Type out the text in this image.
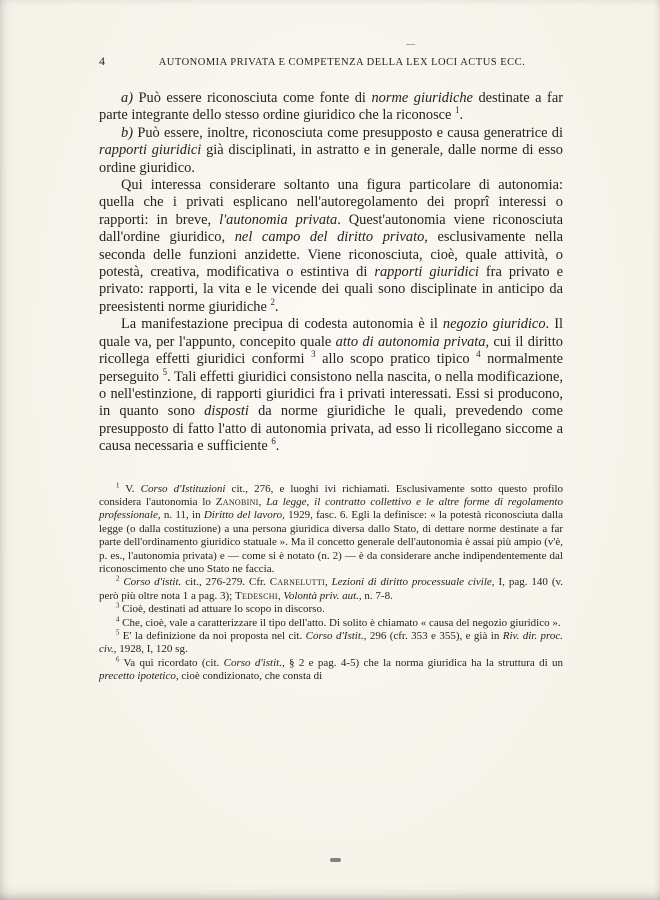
4	AUTONOMIA PRIVATA E COMPETENZA DELLA LEX LOCI ACTUS ECC.

a) Può essere riconosciuta come fonte di norme giuridiche destinate a far parte integrante dello stesso ordine giuridico che la riconosce $^1$.

b) Può essere, inoltre, riconosciuta come presupposto e causa generatrice di rapporti giuridici già disciplinati, in astratto e in generale, dalle norme di esso ordine giuridico.

Qui interessa considerare soltanto una figura particolare di autonomia: quella che i privati esplicano nell'autoregolamento dei proprî interessi o rapporti: in breve, l'autonomia privata. Quest'autonomia viene riconosciuta dall'ordine giuridico, nel campo del diritto privato, esclusivamente nella seconda delle funzioni anzidette. Viene riconosciuta, cioè, quale attività, o potestà, creativa, modificativa o estintiva di rapporti giuridici fra privato e privato: rapporti, la vita e le vicende dei quali sono disciplinate in anticipo da preesistenti norme giuridiche $^2$.

La manifestazione precipua di codesta autonomia è il negozio giuridico. Il quale va, per l'appunto, concepito quale atto di autonomia privata, cui il diritto ricollega effetti giuridici conformi $^3$ allo scopo pratico tipico $^4$ normalmente perseguito $^5$. Tali effetti giuridici consistono nella nascita, o nella modificazione, o nell'estinzione, di rapporti giuridici fra i privati interessati. Essi si producono, in quanto sono disposti da norme giuridiche le quali, prevedendo come presupposto di fatto l'atto di autonomia privata, ad esso li ricollegano siccome a causa necessaria e sufficiente $^6$.

$^1$ V. Corso d'Istituzioni cit., 276, e luoghi ivi richiamati. Esclusivamente sotto questo profilo considera l'autonomia lo Zanobini, La legge, il contratto collettivo e le altre forme di regolamento professionale, n. 11, in Diritto del lavoro, 1929, fasc. 6. Egli la definisce: « la potestà riconosciuta dalla legge (o dalla costituzione) a una persona giuridica diversa dallo Stato, di dettare norme destinate a far parte dell'ordinamento giuridico statuale ». Ma il concetto generale dell'autonomia è assai più ampio (v'è, p. es., l'autonomia privata) e — come si è notato (n. 2) — è da considerare anche indipendentemente dal riconoscimento che uno Stato ne faccia.

$^2$ Corso d'istit. cit., 276-279. Cfr. Carnelutti, Lezioni di diritto processuale civile, I, pag. 140 (v. però più oltre nota 1 a pag. 3); Tedeschi, Volontà priv. aut., n. 7-8.

$^3$ Cioè, destinati ad attuare lo scopo in discorso.

$^4$ Che, cioè, vale a caratterizzare il tipo dell'atto. Di solito è chiamato « causa del negozio giuridico ».

$^5$ E' la definizione da noi proposta nel cit. Corso d'Istit., 296 (cfr. 353 e 355), e già in Riv. dir. proc. civ., 1928, I, 120 sg.

$^6$ Va qui ricordato (cit. Corso d'istit., § 2 e pag. 4-5) che la norma giuridica ha la struttura di un precetto ipotetico, cioè condizionato, che consta di
